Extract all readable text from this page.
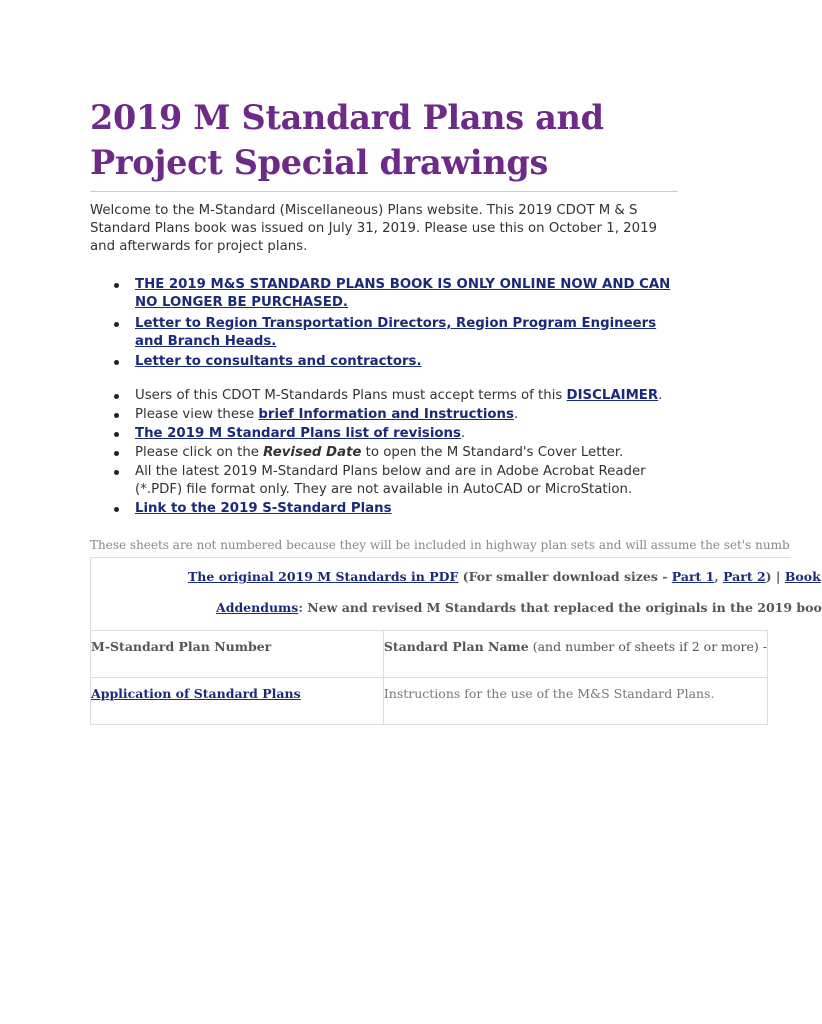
2019 M Standard Plans and Project Special drawings

Welcome to the M-Standard (Miscellaneous) Plans website. This 2019 CDOT M & S Standard Plans book was issued on July 31, 2019. Please use this on October 1, 2019 and afterwards for project plans.

THE 2019 M&S STANDARD PLANS BOOK IS ONLY ONLINE NOW AND CAN NO LONGER BE PURCHASED.
Letter to Region Transportation Directors, Region Program Engineers and Branch Heads.
Letter to consultants and contractors.
Users of this CDOT M-Standards Plans must accept terms of this DISCLAIMER.
Please view these brief Information and Instructions.
The 2019 M Standard Plans list of revisions.
Please click on the Revised Date to open the M Standard's Cover Letter.
All the latest 2019 M-Standard Plans below and are in Adobe Acrobat Reader (*.PDF) file format only. They are not available in AutoCAD or MicroStation.
Link to the 2019 S-Standard Plans
These sheets are not numbered because they will be included in highway plan sets and will assume the set's numb
The original 2019 M Standards in PDF (For smaller download sizes - Part 1, Part 2) | Book
Addendums: New and revised M Standards that replaced the originals in the 2019 boo
M-Standard Plan Number	Standard Plan Name (and number of sheets if 2 or more) -
Application of Standard Plans	Instructions for the use of the M&S Standard Plans.
